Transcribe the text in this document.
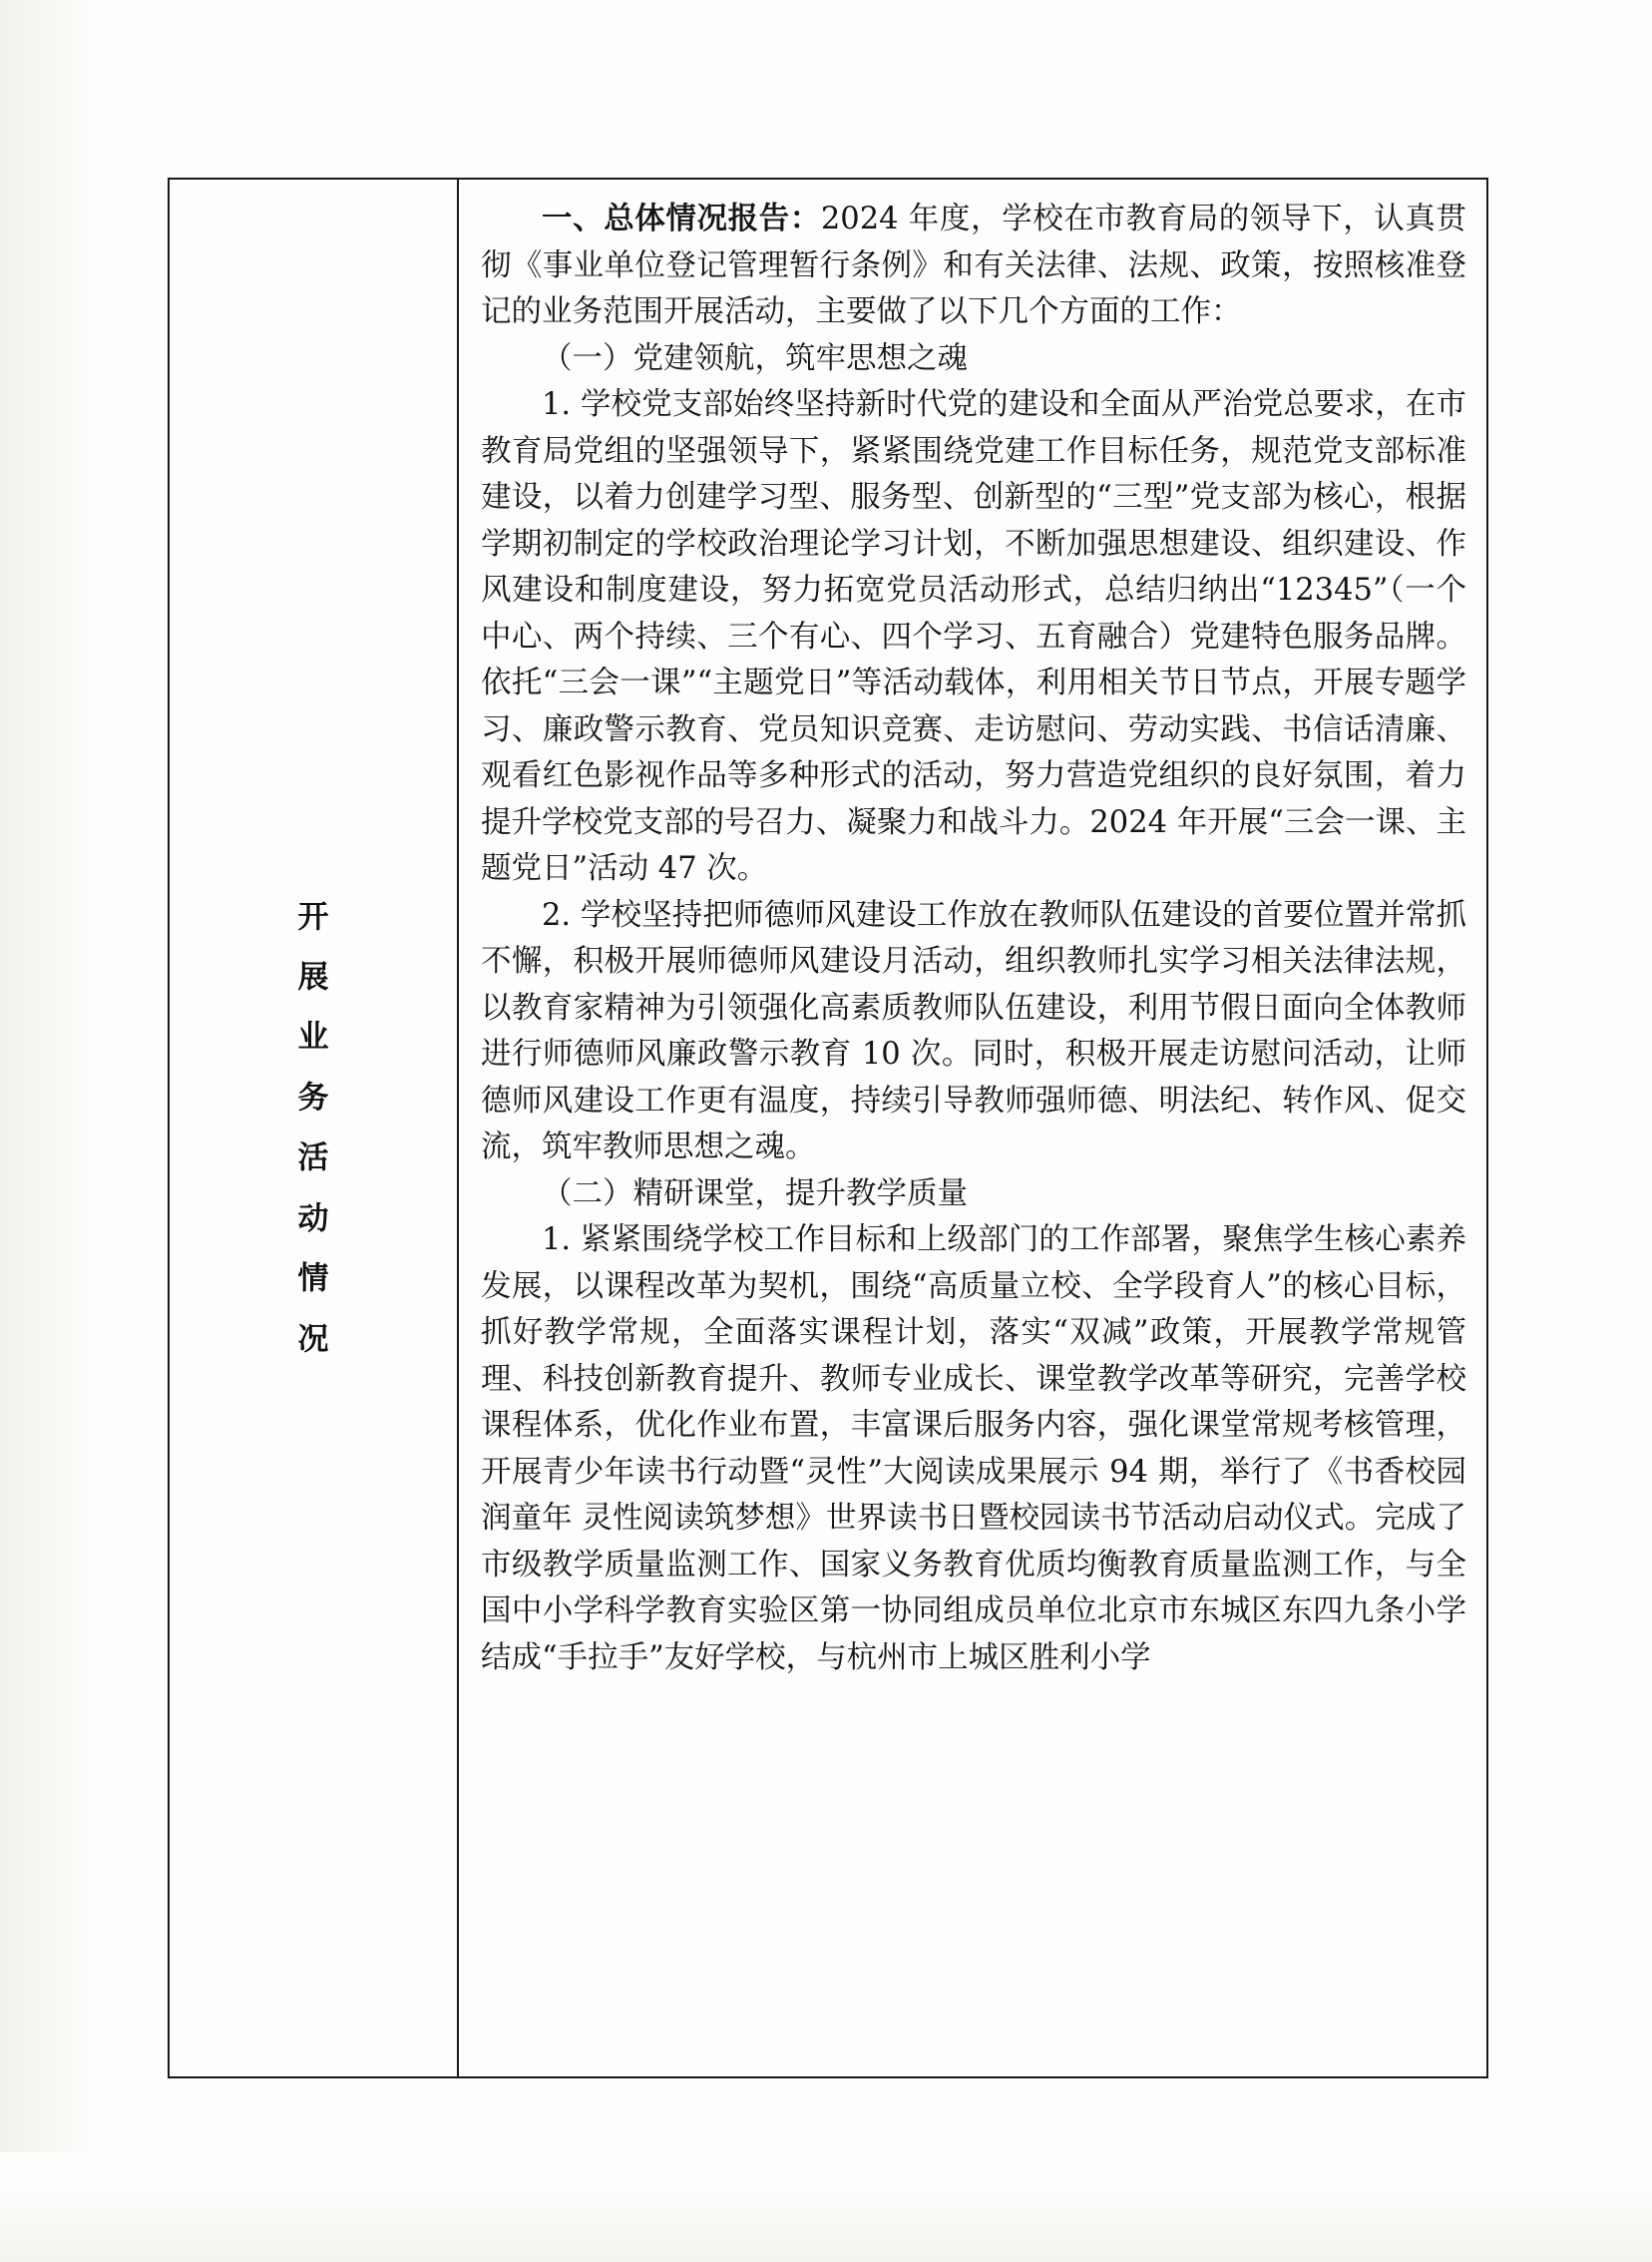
开
展
业
务
活
动
情
况

一、总体情况报告：2024 年度，学校在市教育局的领导下，认真贯彻《事业单位登记管理暂行条例》和有关法律、法规、政策，按照核准登记的业务范围开展活动，主要做了以下几个方面的工作：

（一）党建领航，筑牢思想之魂

1. 学校党支部始终坚持新时代党的建设和全面从严治党总要求，在市教育局党组的坚强领导下，紧紧围绕党建工作目标任务，规范党支部标准建设，以着力创建学习型、服务型、创新型的“三型”党支部为核心，根据学期初制定的学校政治理论学习计划，不断加强思想建设、组织建设、作风建设和制度建设，努力拓宽党员活动形式，总结归纳出“12345”（一个中心、两个持续、三个有心、四个学习、五育融合）党建特色服务品牌。依托“三会一课”“主题党日”等活动载体，利用相关节日节点，开展专题学习、廉政警示教育、党员知识竞赛、走访慰问、劳动实践、书信话清廉、观看红色影视作品等多种形式的活动，努力营造党组织的良好氛围，着力提升学校党支部的号召力、凝聚力和战斗力。2024 年开展“三会一课、主题党日”活动 47 次。

2. 学校坚持把师德师风建设工作放在教师队伍建设的首要位置并常抓不懈，积极开展师德师风建设月活动，组织教师扎实学习相关法律法规，以教育家精神为引领强化高素质教师队伍建设，利用节假日面向全体教师进行师德师风廉政警示教育 10 次。同时，积极开展走访慰问活动，让师德师风建设工作更有温度，持续引导教师强师德、明法纪、转作风、促交流，筑牢教师思想之魂。

（二）精研课堂，提升教学质量

1. 紧紧围绕学校工作目标和上级部门的工作部署，聚焦学生核心素养发展，以课程改革为契机，围绕“高质量立校、全学段育人”的核心目标，抓好教学常规，全面落实课程计划，落实“双减”政策，开展教学常规管理、科技创新教育提升、教师专业成长、课堂教学改革等研究，完善学校课程体系，优化作业布置，丰富课后服务内容，强化课堂常规考核管理，开展青少年读书行动暨“灵性”大阅读成果展示 94 期，举行了《书香校园润童年 灵性阅读筑梦想》世界读书日暨校园读书节活动启动仪式。完成了市级教学质量监测工作、国家义务教育优质均衡教育质量监测工作，与全国中小学科学教育实验区第一协同组成员单位北京市东城区东四九条小学结成“手拉手”友好学校，与杭州市上城区胜利小学
